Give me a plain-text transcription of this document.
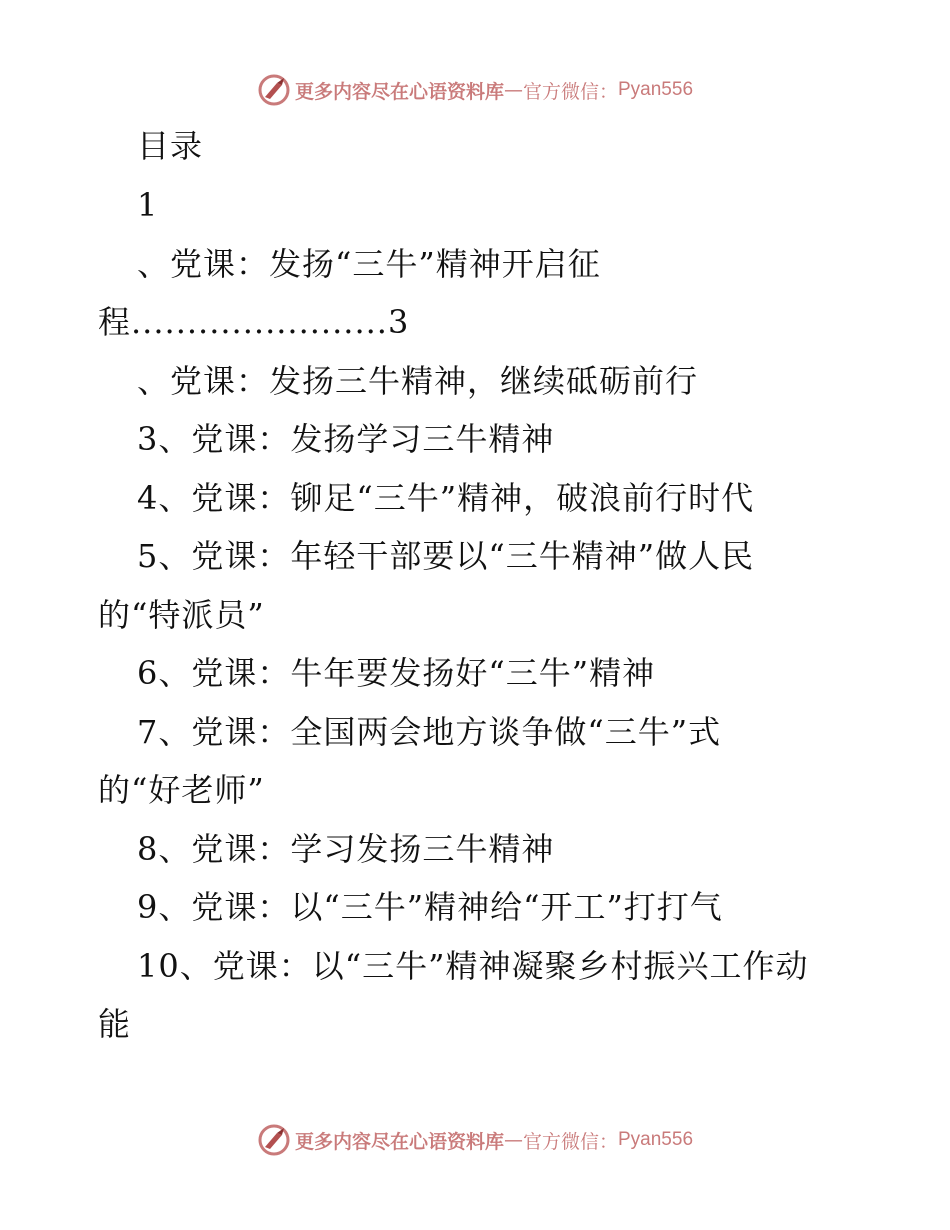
更多内容尽在心语资料库 — 官方微信： Pyan556
目录
1
、党课：发扬“三牛”精神开启征
程.......................3
、党课：发扬三牛精神，继续砥砺前行
3、党课：发扬学习三牛精神
4、党课：铆足“三牛”精神，破浪前行时代
5、党课：年轻干部要以“三牛精神”做人民
的“特派员”
6、党课：牛年要发扬好“三牛”精神
7、党课：全国两会地方谈争做“三牛”式
的“好老师”
8、党课：学习发扬三牛精神
9、党课：以“三牛”精神给“开工”打打气
10、党课：以“三牛”精神凝聚乡村振兴工作动
能
更多内容尽在心语资料库 — 官方微信： Pyan556
